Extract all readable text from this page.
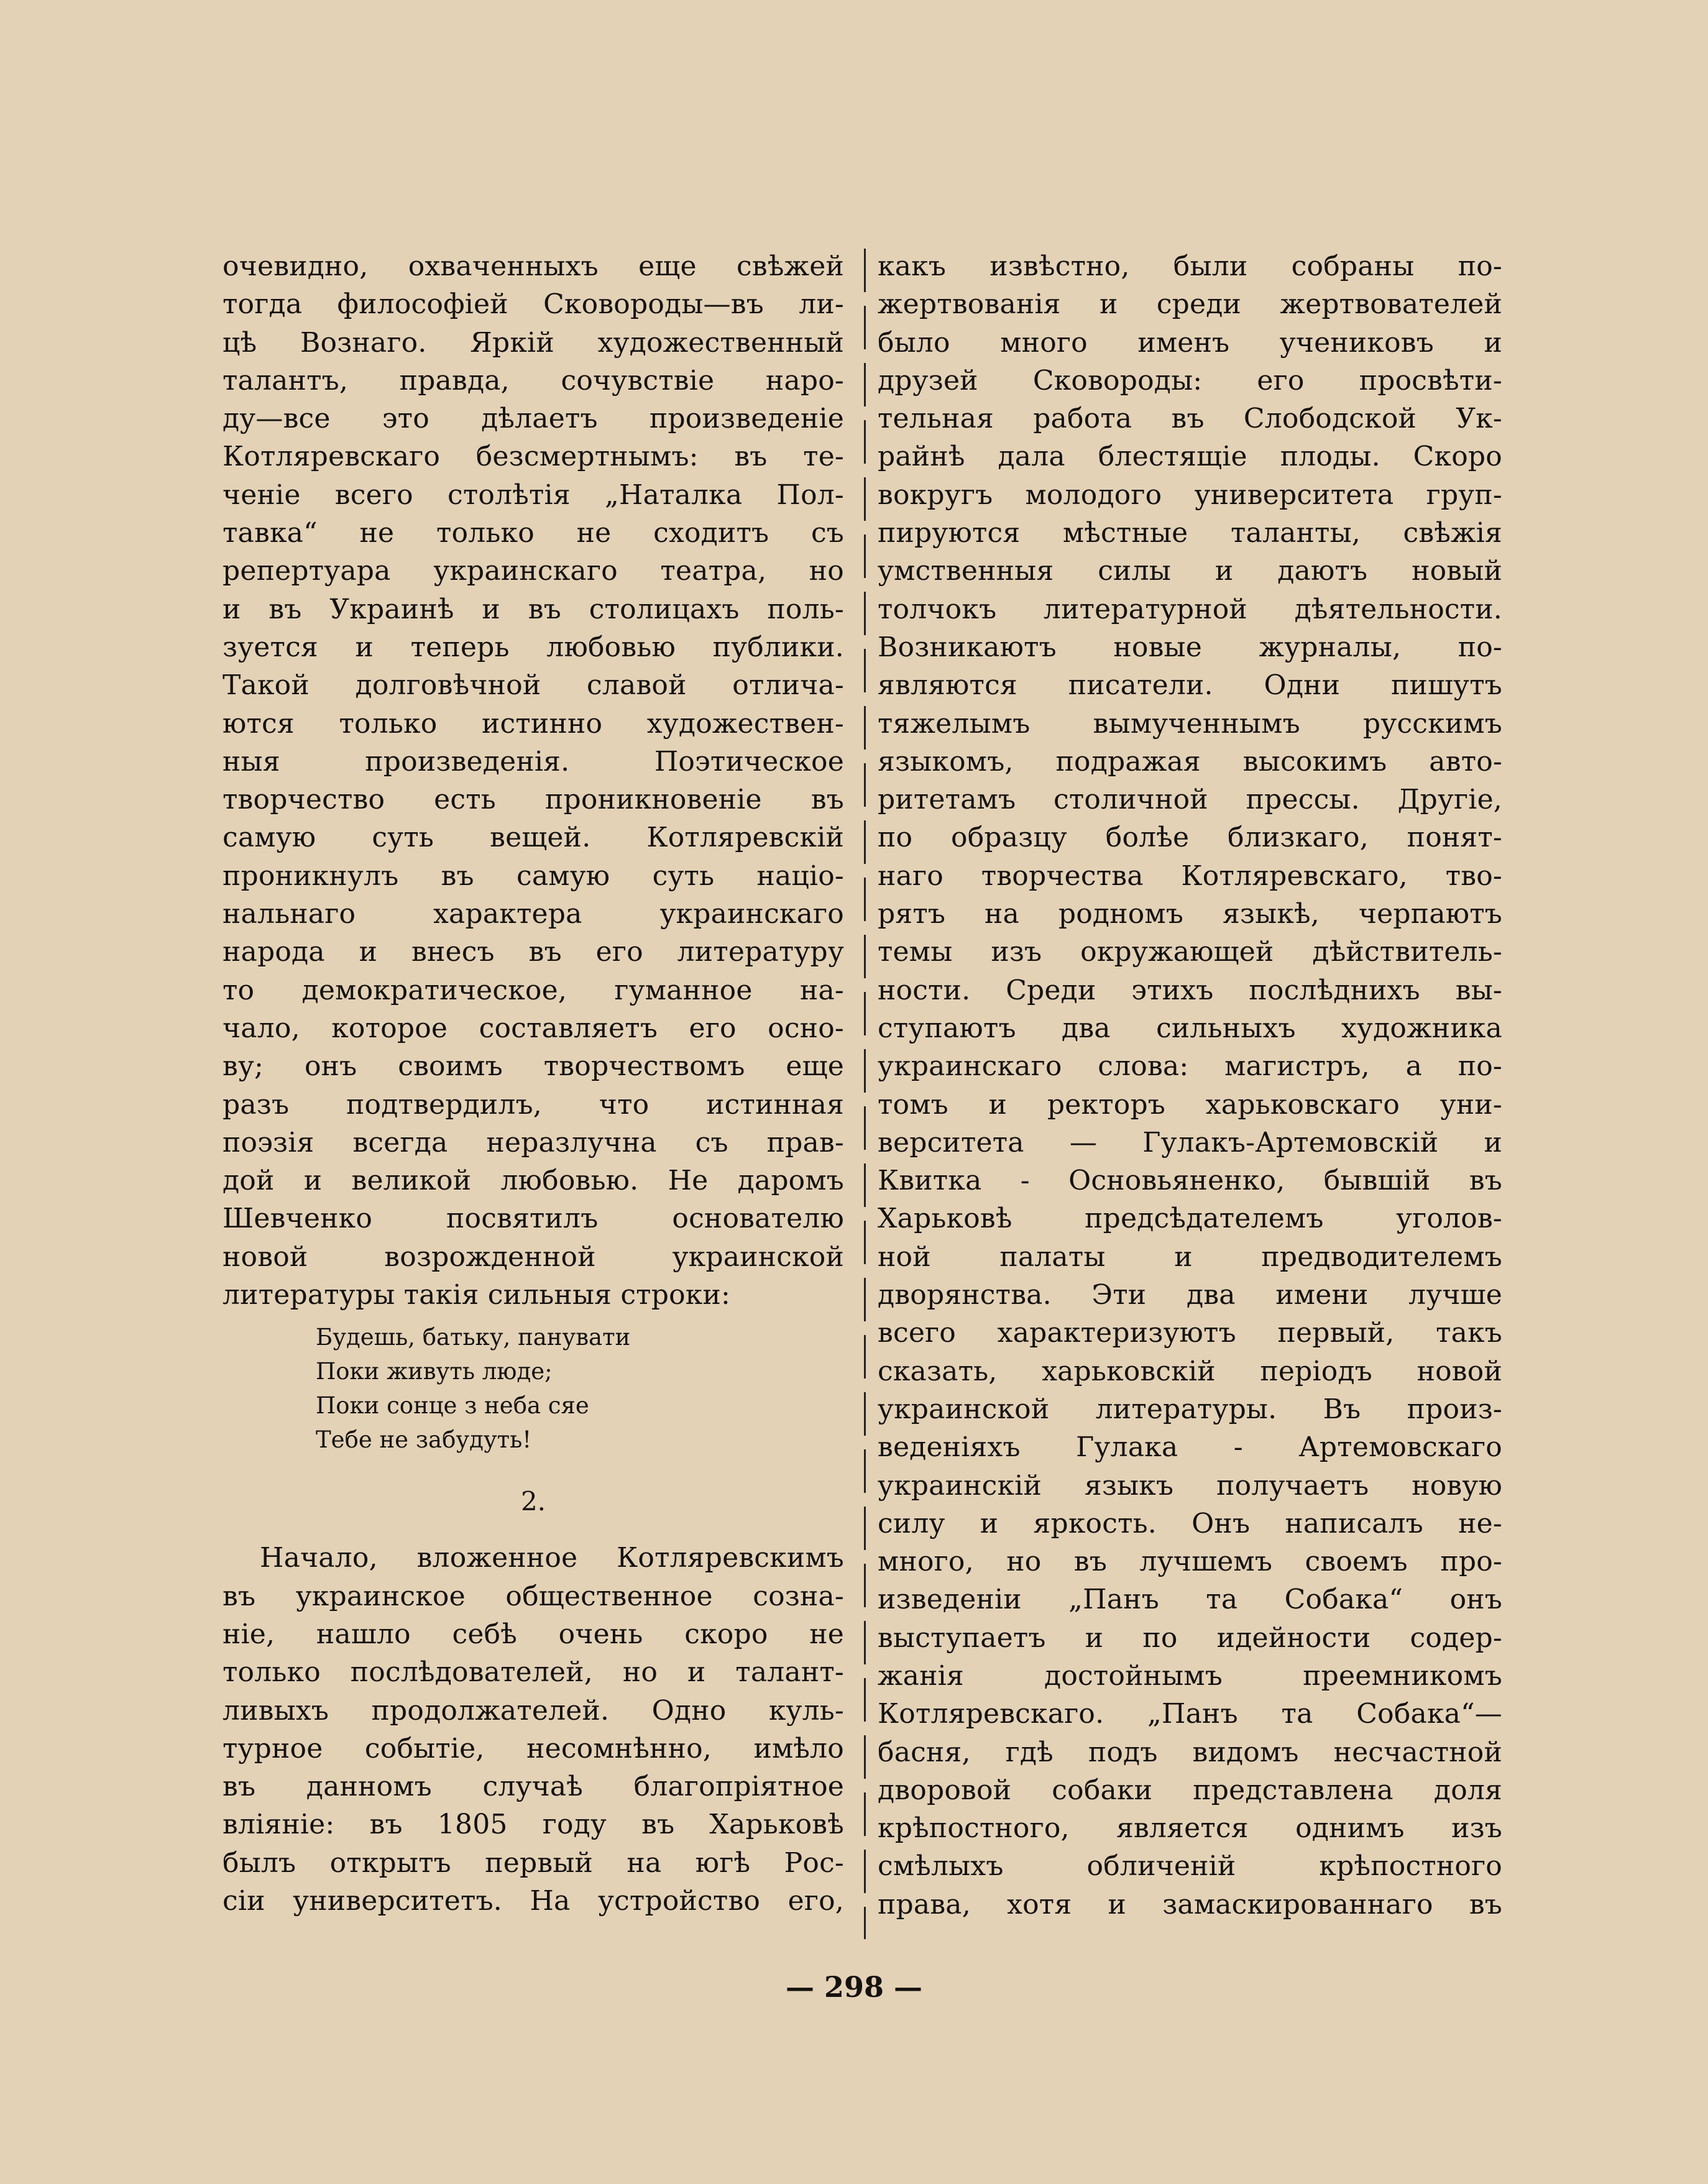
очевидно, охваченныхъ еще свѣжей
тогда философіей Сковороды—въ ли-
цѣ Вознаго. Яркій художественный
талантъ, правда, сочувствіе наро-
ду—все это дѣлаетъ произведеніе
Котляревскаго безсмертнымъ: въ те-
ченіе всего столѣтія „Наталка Пол-
тавка“ не только не сходитъ съ
репертуара украинскаго театра, но
и въ Украинѣ и въ столицахъ поль-
зуется и теперь любовью публики.
Такой долговѣчной славой отлича-
ются только истинно художествен-
ныя произведенія. Поэтическое
творчество есть проникновеніе въ
самую суть вещей. Котляревскій
проникнулъ въ самую суть націо-
нальнаго характера украинскаго
народа и внесъ въ его литературу
то демократическое, гуманное на-
чало, которое составляетъ его осно-
ву; онъ своимъ творчествомъ еще
разъ подтвердилъ, что истинная
поэзія всегда неразлучна съ прав-
дой и великой любовью. Не даромъ
Шевченко посвятилъ основателю
новой возрожденной украинской
литературы такія сильныя строки:
Будешь, батьку, панувати
Поки живуть люде;
Поки сонце з неба сяе
Тебе не забудуть!
2.
Начало, вложенное Котляревскимъ
въ украинское общественное созна-
ніе, нашло себѣ очень скоро не
только послѣдователей, но и талант-
ливыхъ продолжателей. Одно куль-
турное событіе, несомнѣнно, имѣло
въ данномъ случаѣ благопріятное
вліяніе: въ 1805 году въ Харьковѣ
былъ открытъ первый на югѣ Рос-
сіи университетъ. На устройство его,
какъ извѣстно, были собраны по-
жертвованія и среди жертвователей
было много именъ учениковъ и
друзей Сковороды: его просвѣти-
тельная работа въ Слободской Ук-
райнѣ дала блестящіе плоды. Скоро
вокругъ молодого университета груп-
пируются мѣстные таланты, свѣжія
умственныя силы и даютъ новый
толчокъ литературной дѣятельности.
Возникаютъ новые журналы, по-
являются писатели. Одни пишутъ
тяжелымъ вымученнымъ русскимъ
языкомъ, подражая высокимъ авто-
ритетамъ столичной прессы. Другіе,
по образцу болѣе близкаго, понят-
наго творчества Котляревскаго, тво-
рятъ на родномъ языкѣ, черпаютъ
темы изъ окружающей дѣйствитель-
ности. Среди этихъ послѣднихъ вы-
ступаютъ два сильныхъ художника
украинскаго слова: магистръ, а по-
томъ и ректоръ харьковскаго уни-
верситета — Гулакъ-Артемовскій и
Квитка - Основьяненко, бывшій въ
Харьковѣ предсѣдателемъ уголов-
ной палаты и предводителемъ
дворянства. Эти два имени лучше
всего характеризуютъ первый, такъ
сказать, харьковскій періодъ новой
украинской литературы. Въ произ-
веденіяхъ Гулака - Артемовскаго
украинскій языкъ получаетъ новую
силу и яркость. Онъ написалъ не-
много, но въ лучшемъ своемъ про-
изведеніи „Панъ та Собака“ онъ
выступаетъ и по идейности содер-
жанія достойнымъ преемникомъ
Котляревскаго. „Панъ та Собака“—
басня, гдѣ подъ видомъ несчастной
дворовой собаки представлена доля
крѣпостного, является однимъ изъ
смѣлыхъ обличеній крѣпостного
права, хотя и замаскированнаго въ
— 298 —
